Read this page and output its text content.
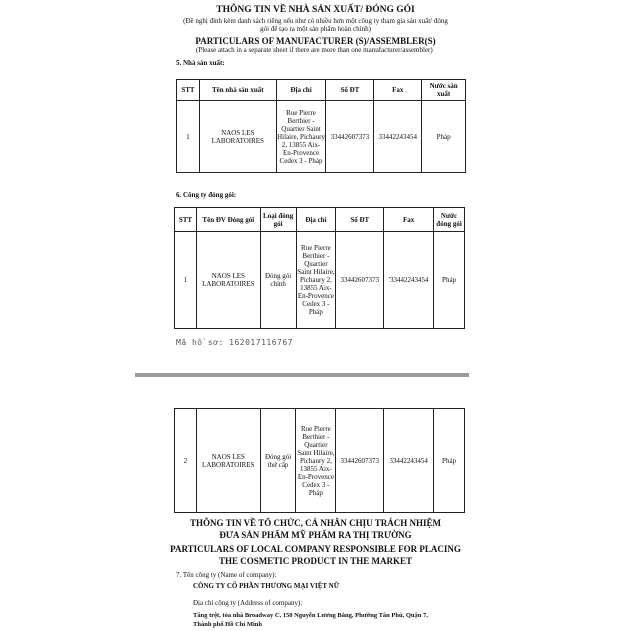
THÔNG TIN VỀ NHÀ SẢN XUẤT/ ĐÓNG GÓI
(Đề nghị đính kèm danh sách riêng nếu như có nhiều hơn một công ty tham gia sản xuất/ đóng
gói để tạo ra một sản phẩm hoàn chỉnh)
PARTICULARS OF MANUFACTURER (S)/ASSEMBLER(S)
(Please attach in a separate sheet if there are more than one manufacturer/assembler)
5. Nhà sản xuất:
STT	Tên nhà sản xuất	Địa chỉ	Số ĐT	Fax	Nước sản xuất
1	NAOS LES LABORATOIRES	Rue Pierre Berthier - Quartier Saint Hilaire, Pichaury 2, 13855 Aix-En-Provence Cedex 3 - Pháp	33442607373	33442243454	Pháp
6. Công ty đóng gói:
STT	Tên ĐV Đóng gói	Loại đóng gói	Địa chỉ	Số ĐT	Fax	Nước đóng gói
1	NAOS LES LABORATOIRES	Đóng gói chính	Rue Pierre Berthier - Quartier Saint Hilaire, Pichaury 2, 13855 Aix-En-Provence Cedex 3 - Pháp	33442607373	'33442243454	Pháp
Mã hồ sơ: 162017116767
2	NAOS LES LABORATOIRES	Đóng gói thứ cấp	Rue Pierre Berthier - Quartier Saint Hilaire, Pichaury 2, 13855 Aix-En-Provence Cedex 3 - Pháp	33442607373	33442243454	Pháp
THÔNG TIN VỀ TỔ CHỨC, CÁ NHÂN CHỊU TRÁCH NHIỆM
ĐƯA SẢN PHẨM MỸ PHẨM RA THỊ TRƯỜNG
PARTICULARS OF LOCAL COMPANY RESPONSIBLE FOR PLACING
THE COSMETIC PRODUCT IN THE MARKET
7. Tên công ty (Name of company):
CÔNG TY CỔ PHẦN THƯƠNG MẠI VIỆT NỮ
Địa chỉ công ty (Address of company):
Tầng trệt, tòa nhà Broadway C, 150 Nguyễn Lương Bằng, Phường Tân Phú, Quận 7,
Thành phố Hồ Chí Minh
